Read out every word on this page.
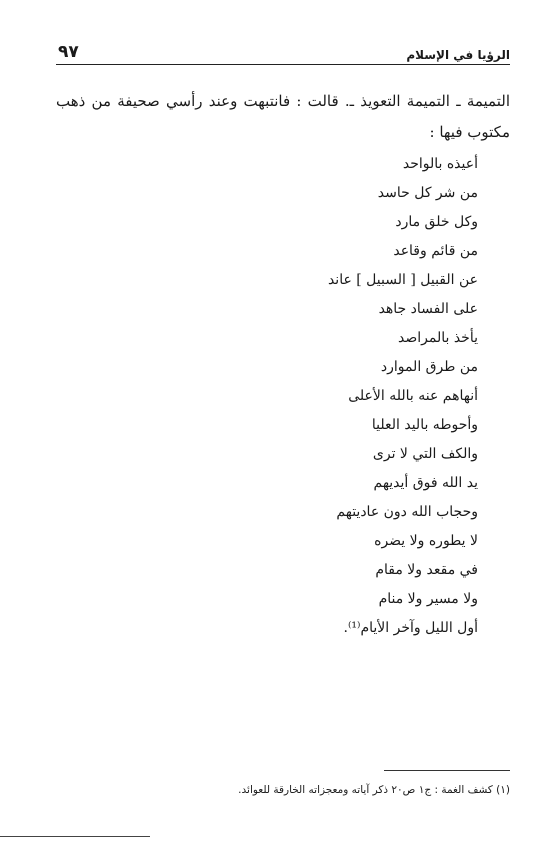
٩٧	الرؤيا في الإسلام

التميمة ـ التميمة التعويذ ـ. قالت : فانتبهت وعند رأسي صحيفة من ذهب مكتوب فيها :

أعيذه بالواحد
من شر كل حاسد
وكل خلق مارد
من قائم وقاعد
عن القبيل [ السبيل ] عاند
على الفساد جاهد
يأخذ بالمراصد
من طرق الموارد
أنهاهم عنه بالله الأعلى
وأحوطه باليد العليا
والكف التي لا ترى
يد الله فوق أيديهم
وحجاب الله دون عاديتهم
لا يطوره ولا يضره
في مقعد ولا مقام
ولا مسير ولا منام
أول الليل وآخر الأيام⁽¹⁾.
(١) كشف الغمة : ج١ ص٢٠ ذكر آياته ومعجزاته الخارقة للعوائد.
